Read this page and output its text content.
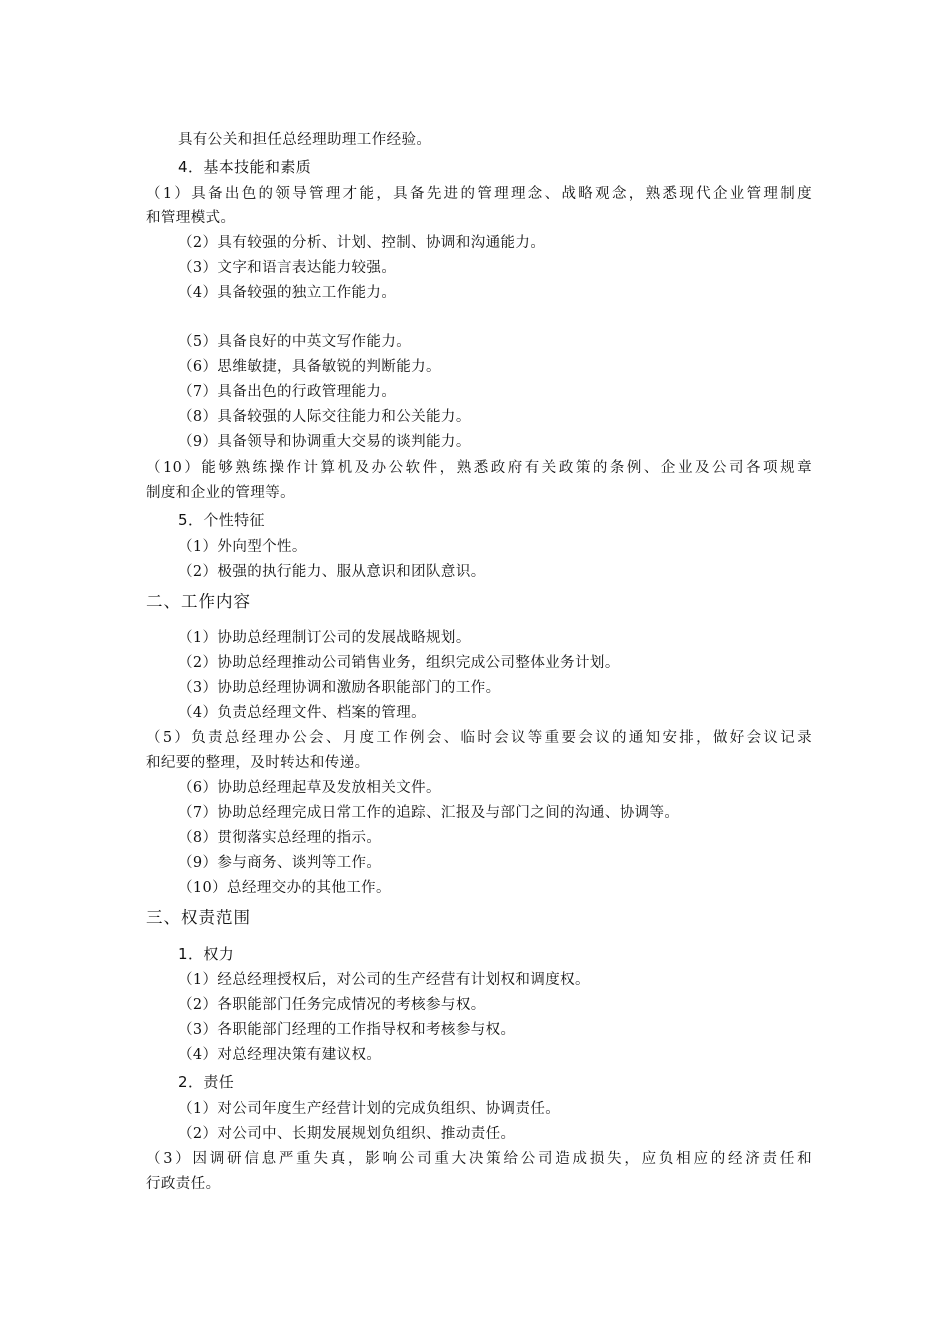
具有公关和担任总经理助理工作经验。
4．基本技能和素质
（1）具备出色的领导管理才能，具备先进的管理理念、战略观念，熟悉现代企业管理制度
和管理模式。
（2）具有较强的分析、计划、控制、协调和沟通能力。
（3）文字和语言表达能力较强。
（4）具备较强的独立工作能力。
（5）具备良好的中英文写作能力。
（6）思维敏捷，具备敏锐的判断能力。
（7）具备出色的行政管理能力。
（8）具备较强的人际交往能力和公关能力。
（9）具备领导和协调重大交易的谈判能力。
（10）能够熟练操作计算机及办公软件，熟悉政府有关政策的条例、企业及公司各项规章
制度和企业的管理等。
5．个性特征
（1）外向型个性。
（2）极强的执行能力、服从意识和团队意识。
二、工作内容
（1）协助总经理制订公司的发展战略规划。
（2）协助总经理推动公司销售业务，组织完成公司整体业务计划。
（3）协助总经理协调和激励各职能部门的工作。
（4）负责总经理文件、档案的管理。
（5）负责总经理办公会、月度工作例会、临时会议等重要会议的通知安排，做好会议记录
和纪要的整理，及时转达和传递。
（6）协助总经理起草及发放相关文件。
（7）协助总经理完成日常工作的追踪、汇报及与部门之间的沟通、协调等。
（8）贯彻落实总经理的指示。
（9）参与商务、谈判等工作。
（10）总经理交办的其他工作。
三、权责范围
1．权力
（1）经总经理授权后，对公司的生产经营有计划权和调度权。
（2）各职能部门任务完成情况的考核参与权。
（3）各职能部门经理的工作指导权和考核参与权。
（4）对总经理决策有建议权。
2．责任
（1）对公司年度生产经营计划的完成负组织、协调责任。
（2）对公司中、长期发展规划负组织、推动责任。
（3）因调研信息严重失真，影响公司重大决策给公司造成损失，应负相应的经济责任和
行政责任。
